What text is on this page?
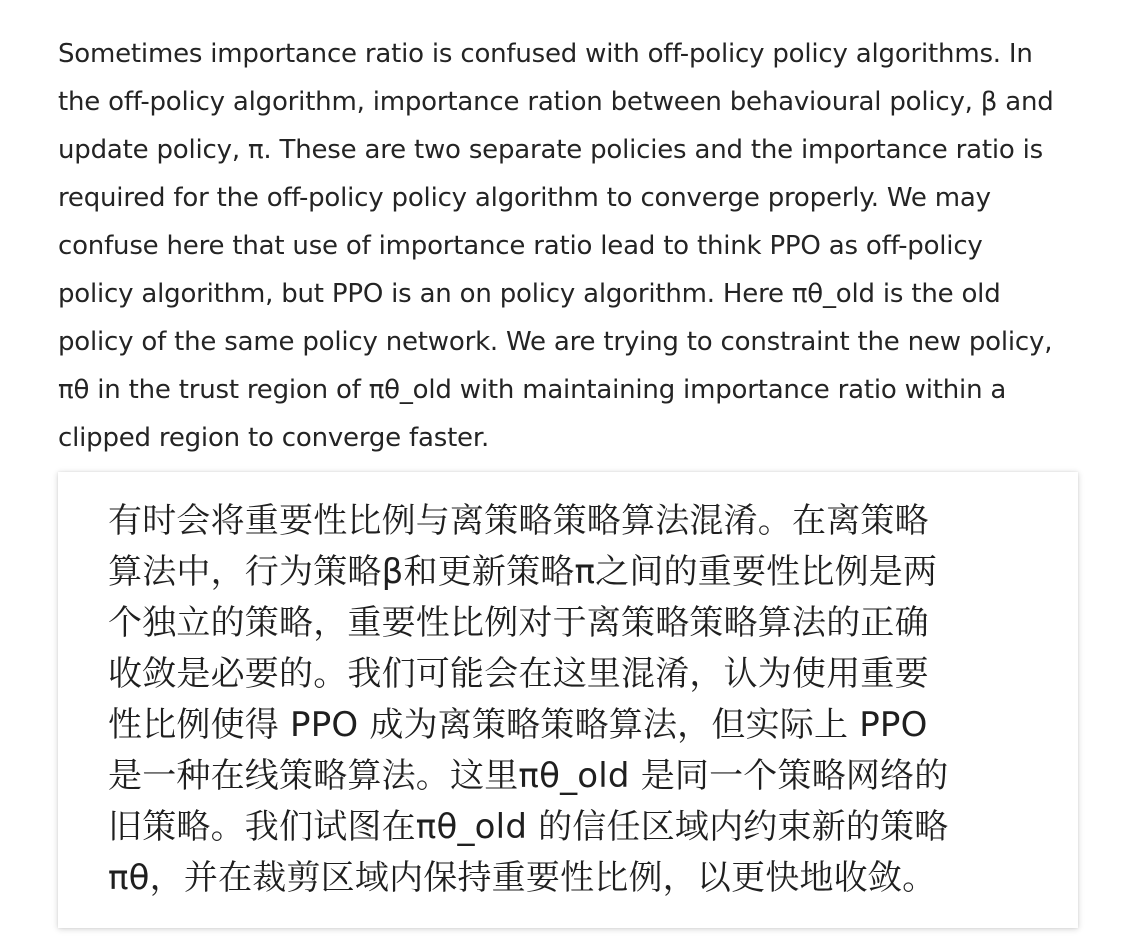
Sometimes importance ratio is confused with off-policy policy algorithms. In
the off-policy algorithm, importance ration between behavioural policy, β and
update policy, π. These are two separate policies and the importance ratio is
required for the off-policy policy algorithm to converge properly. We may
confuse here that use of importance ratio lead to think PPO as off-policy
policy algorithm, but PPO is an on policy algorithm. Here πθ_old is the old
policy of the same policy network. We are trying to constraint the new policy,
πθ in the trust region of πθ_old with maintaining importance ratio within a
clipped region to converge faster.

有时会将重要性比例与离策略策略算法混淆。在离策略
算法中，行为策略β和更新策略π之间的重要性比例是两
个独立的策略，重要性比例对于离策略策略算法的正确
收敛是必要的。我们可能会在这里混淆，认为使用重要
性比例使得 PPO 成为离策略策略算法，但实际上 PPO
是一种在线策略算法。这里πθ_old 是同一个策略网络的
旧策略。我们试图在πθ_old 的信任区域内约束新的策略
πθ，并在裁剪区域内保持重要性比例，以更快地收敛。
